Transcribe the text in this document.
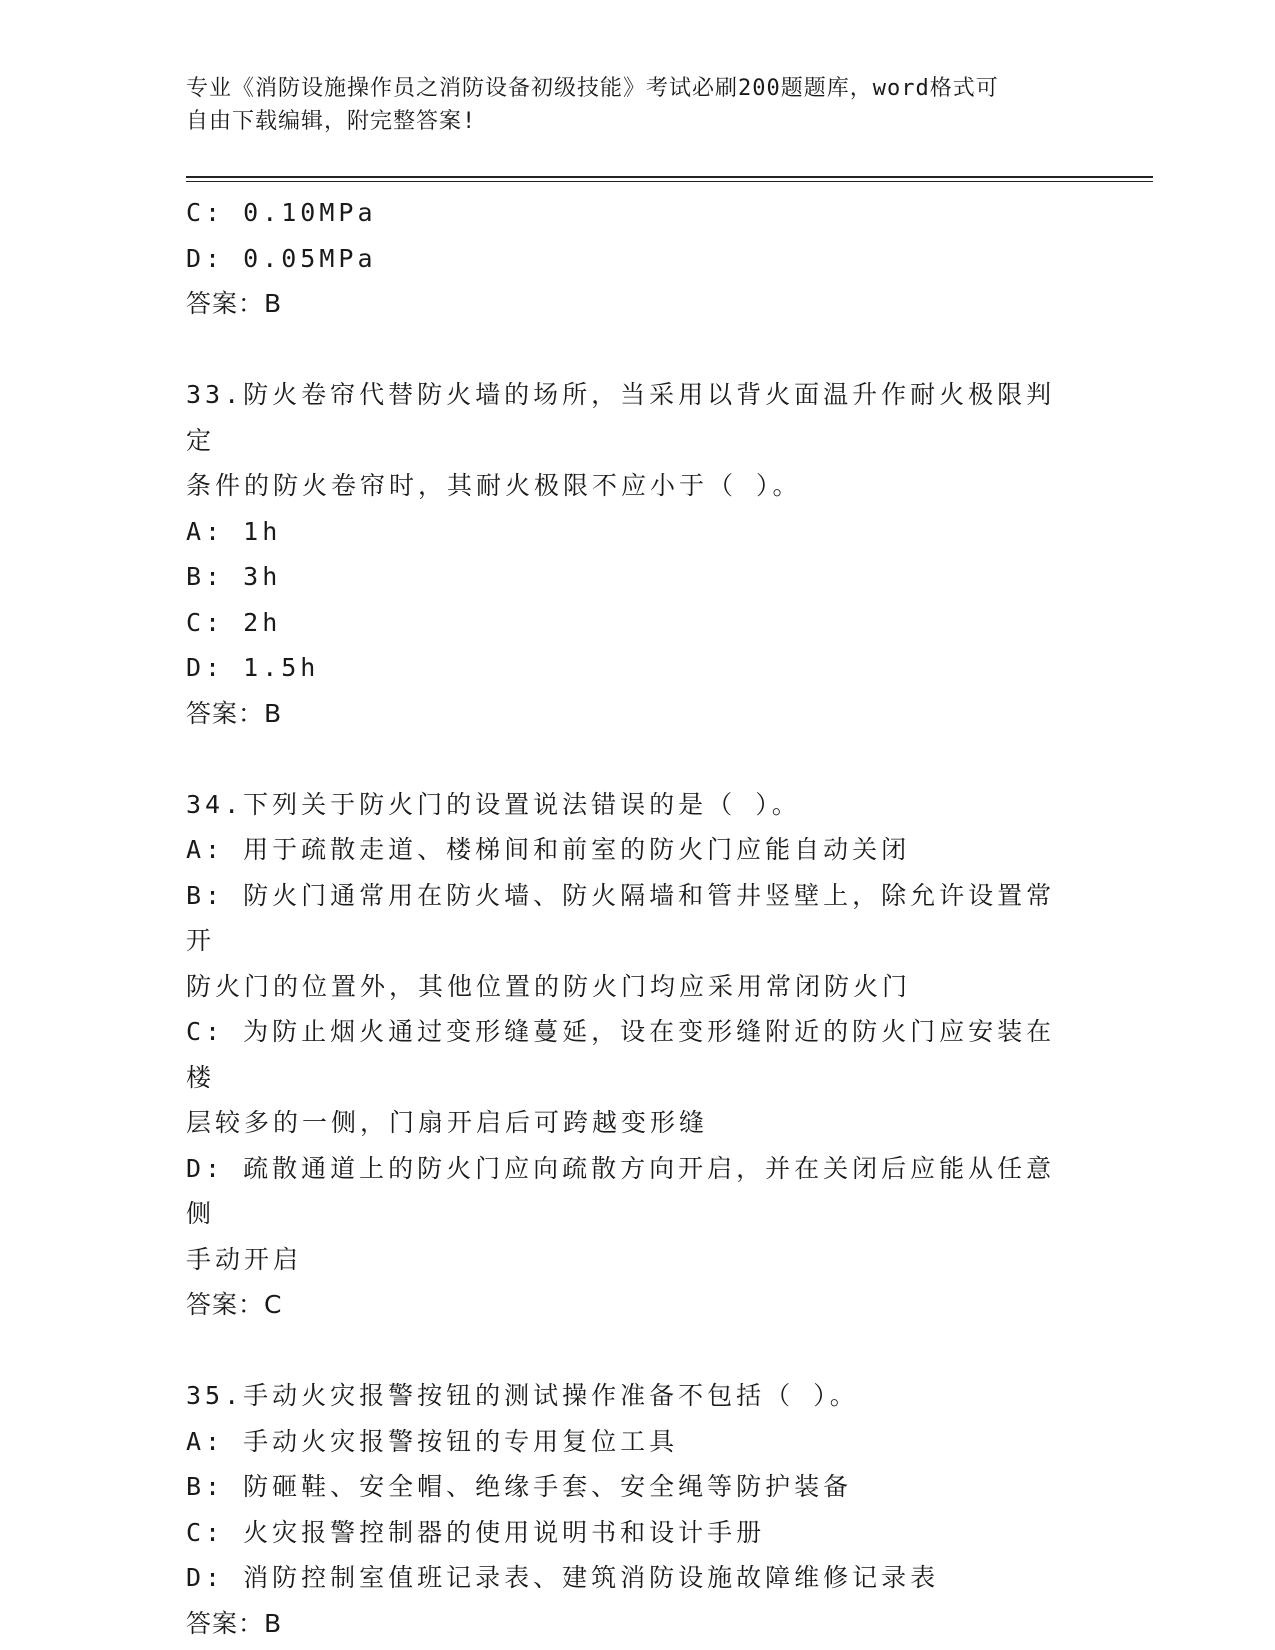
专业《消防设施操作员之消防设备初级技能》考试必刷200题题库，word格式可
自由下载编辑，附完整答案!

C: 0.10MPa

D: 0.05MPa

答案：B

33.防火卷帘代替防火墙的场所，当采用以背火面温升作耐火极限判定

条件的防火卷帘时，其耐火极限不应小于（ ）。

A: 1h

B: 3h

C: 2h

D: 1.5h

答案：B

34.下列关于防火门的设置说法错误的是（ ）。

A: 用于疏散走道、楼梯间和前室的防火门应能自动关闭

B: 防火门通常用在防火墙、防火隔墙和管井竖壁上，除允许设置常开

防火门的位置外，其他位置的防火门均应采用常闭防火门

C: 为防止烟火通过变形缝蔓延，设在变形缝附近的防火门应安装在楼

层较多的一侧，门扇开启后可跨越变形缝

D: 疏散通道上的防火门应向疏散方向开启，并在关闭后应能从任意侧

手动开启

答案：C

35.手动火灾报警按钮的测试操作准备不包括（ ）。

A: 手动火灾报警按钮的专用复位工具

B: 防砸鞋、安全帽、绝缘手套、安全绳等防护装备

C: 火灾报警控制器的使用说明书和设计手册

D: 消防控制室值班记录表、建筑消防设施故障维修记录表

答案：B
